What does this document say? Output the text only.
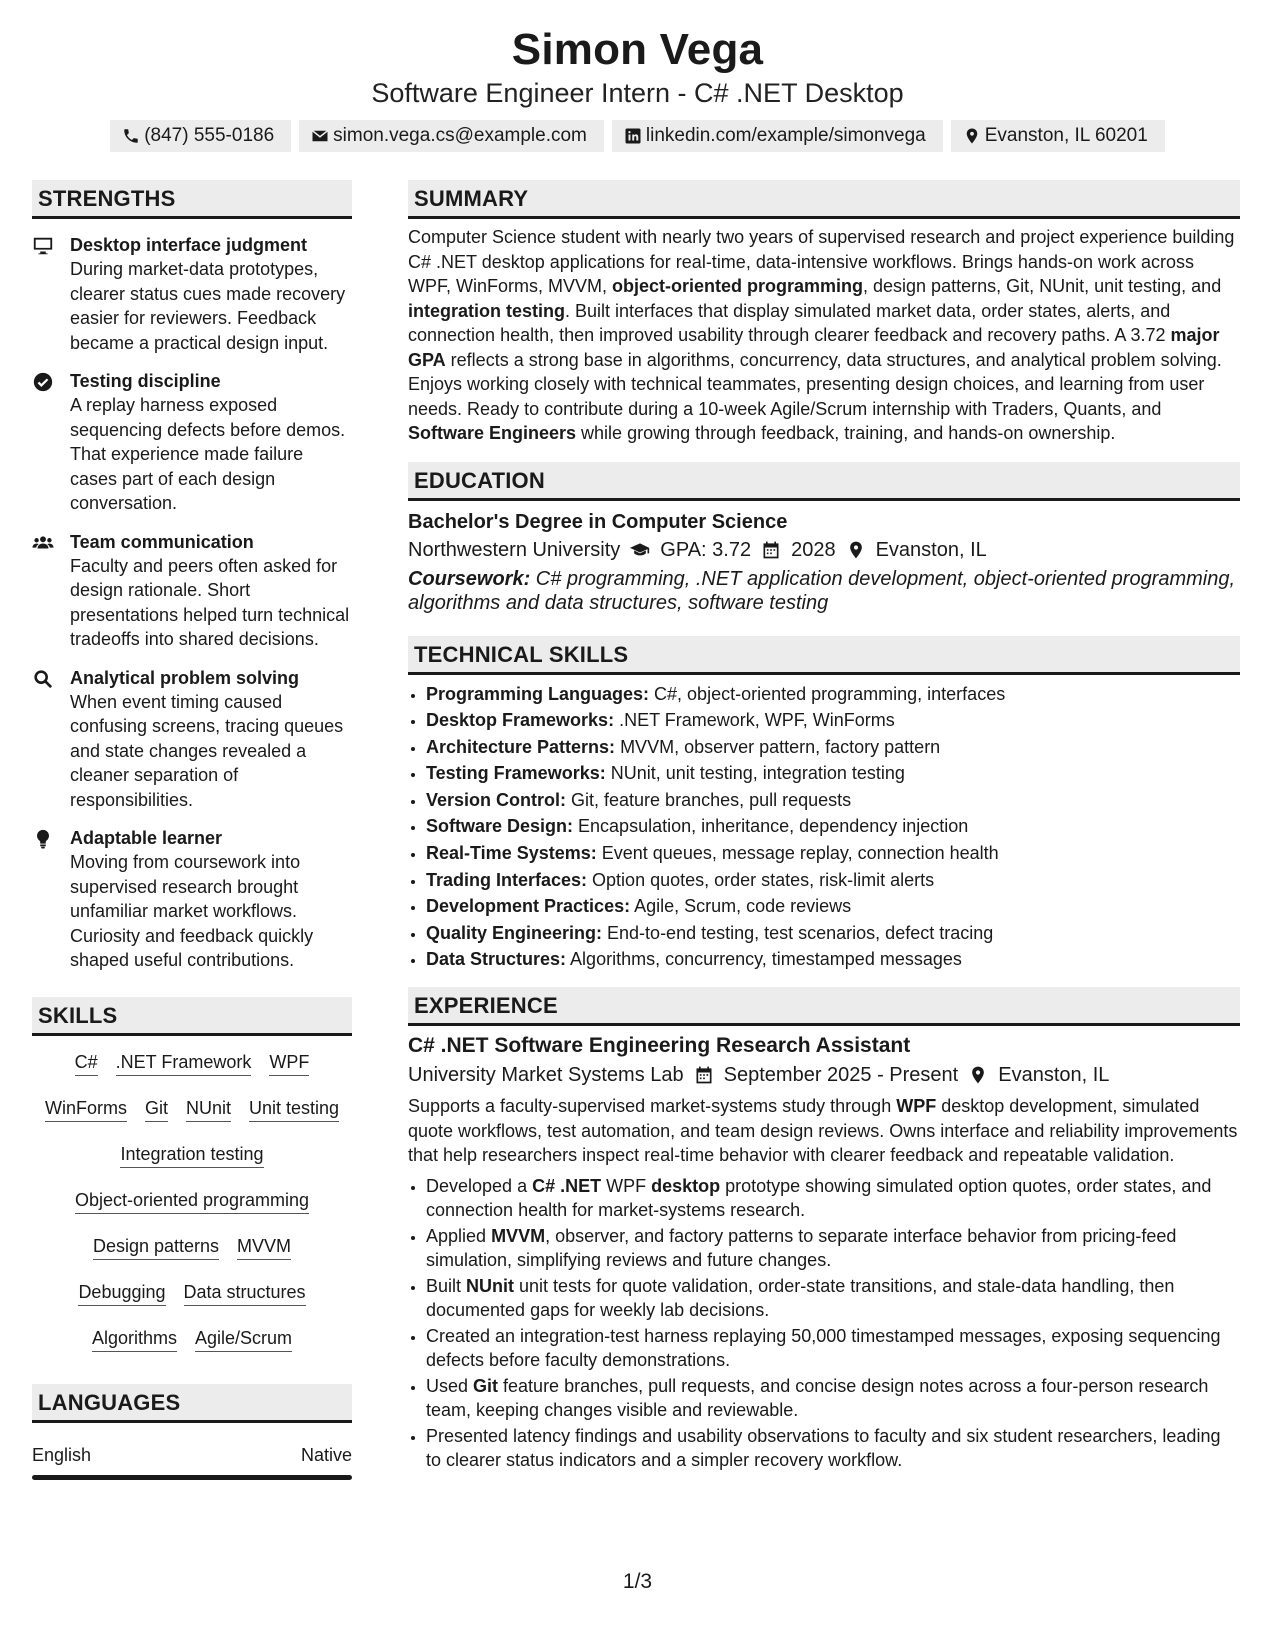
Simon Vega
Software Engineer Intern - C# .NET Desktop
(847) 555-0186	simon.vega.cs@example.com	linkedin.com/example/simonvega	Evanston, IL 60201
STRENGTHS
Desktop interface judgment
During market-data prototypes, clearer status cues made recovery easier for reviewers. Feedback became a practical design input.
Testing discipline
A replay harness exposed sequencing defects before demos. That experience made failure cases part of each design conversation.
Team communication
Faculty and peers often asked for design rationale. Short presentations helped turn technical tradeoffs into shared decisions.
Analytical problem solving
When event timing caused confusing screens, tracing queues and state changes revealed a cleaner separation of responsibilities.
Adaptable learner
Moving from coursework into supervised research brought unfamiliar market workflows. Curiosity and feedback quickly shaped useful contributions.
SKILLS
C# .NET Framework WPF
WinForms Git NUnit Unit testing
Integration testing
Object-oriented programming
Design patterns MVVM
Debugging Data structures
Algorithms Agile/Scrum
LANGUAGES
English	Native
SUMMARY
Computer Science student with nearly two years of supervised research and project experience building C# .NET desktop applications for real-time, data-intensive workflows. Brings hands-on work across WPF, WinForms, MVVM, object-oriented programming, design patterns, Git, NUnit, unit testing, and integration testing. Built interfaces that display simulated market data, order states, alerts, and connection health, then improved usability through clearer feedback and recovery paths. A 3.72 major GPA reflects a strong base in algorithms, concurrency, data structures, and analytical problem solving. Enjoys working closely with technical teammates, presenting design choices, and learning from user needs. Ready to contribute during a 10-week Agile/Scrum internship with Traders, Quants, and Software Engineers while growing through feedback, training, and hands-on ownership.
EDUCATION
Bachelor's Degree in Computer Science
Northwestern University GPA: 3.72 2028 Evanston, IL
Coursework: C# programming, .NET application development, object-oriented programming, algorithms and data structures, software testing
TECHNICAL SKILLS
• Programming Languages: C#, object-oriented programming, interfaces
• Desktop Frameworks: .NET Framework, WPF, WinForms
• Architecture Patterns: MVVM, observer pattern, factory pattern
• Testing Frameworks: NUnit, unit testing, integration testing
• Version Control: Git, feature branches, pull requests
• Software Design: Encapsulation, inheritance, dependency injection
• Real-Time Systems: Event queues, message replay, connection health
• Trading Interfaces: Option quotes, order states, risk-limit alerts
• Development Practices: Agile, Scrum, code reviews
• Quality Engineering: End-to-end testing, test scenarios, defect tracing
• Data Structures: Algorithms, concurrency, timestamped messages
EXPERIENCE
C# .NET Software Engineering Research Assistant
University Market Systems Lab September 2025 - Present Evanston, IL
Supports a faculty-supervised market-systems study through WPF desktop development, simulated quote workflows, test automation, and team design reviews. Owns interface and reliability improvements that help researchers inspect real-time behavior with clearer feedback and repeatable validation.
• Developed a C# .NET WPF desktop prototype showing simulated option quotes, order states, and connection health for market-systems research.
• Applied MVVM, observer, and factory patterns to separate interface behavior from pricing-feed simulation, simplifying reviews and future changes.
• Built NUnit unit tests for quote validation, order-state transitions, and stale-data handling, then documented gaps for weekly lab decisions.
• Created an integration-test harness replaying 50,000 timestamped messages, exposing sequencing defects before faculty demonstrations.
• Used Git feature branches, pull requests, and concise design notes across a four-person research team, keeping changes visible and reviewable.
• Presented latency findings and usability observations to faculty and six student researchers, leading to clearer status indicators and a simpler recovery workflow.
1/3
